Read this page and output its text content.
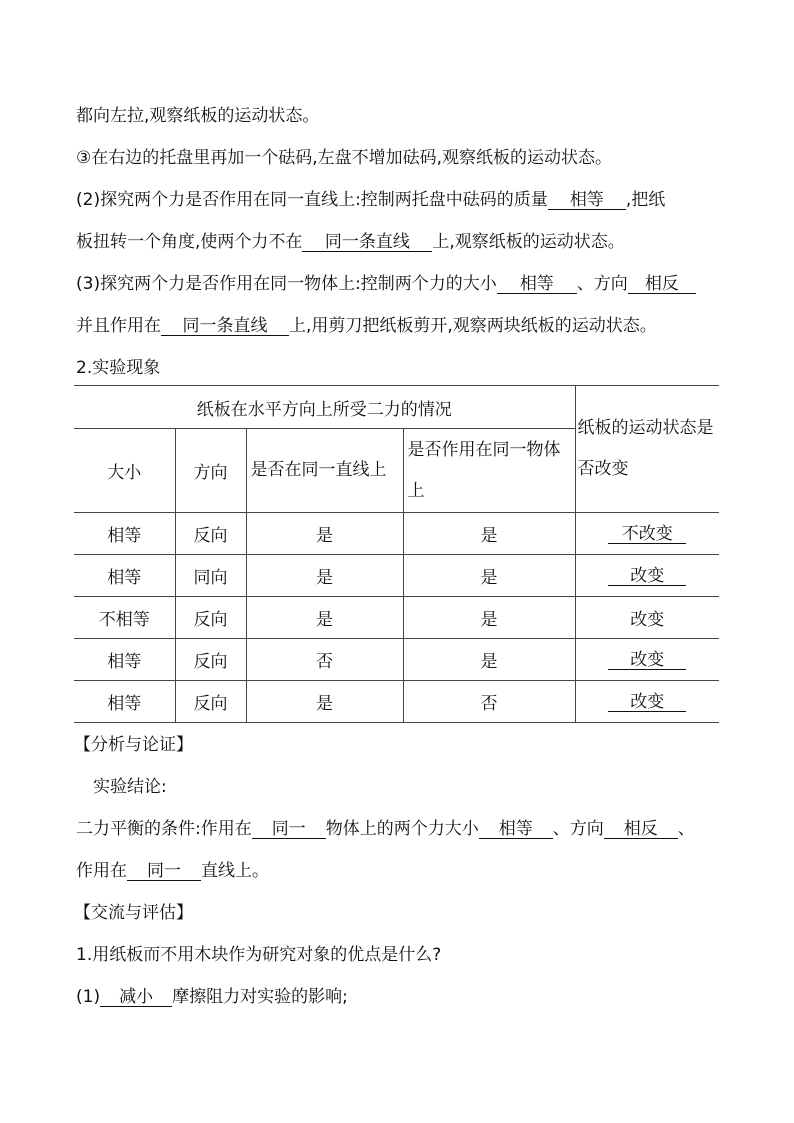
都向左拉,观察纸板的运动状态。
③在右边的托盘里再加一个砝码,左盘不增加砝码,观察纸板的运动状态。
(2)探究两个力是否作用在同一直线上:控制两托盘中砝码的质量 相等 ,把纸
板扭转一个角度,使两个力不在 同一条直线 上,观察纸板的运动状态。
(3)探究两个力是否作用在同一物体上:控制两个力的大小 相等 、方向 相反
并且作用在 同一条直线 上,用剪刀把纸板剪开,观察两块纸板的运动状态。
2.实验现象
纸板在水平方向上所受二力的情况				纸板的运动状态是否改变
大小	方向	是否在同一直线上	是否作用在同一物体上	
相等	反向	是	是	不改变
相等	同向	是	是	改变
不相等	反向	是	是	改变
相等	反向	否	是	改变
相等	反向	是	否	改变
【分析与论证】
实验结论:
二力平衡的条件:作用在 同一 物体上的两个力大小 相等 、方向 相反 、
作用在 同一 直线上。
【交流与评估】
1.用纸板而不用木块作为研究对象的优点是什么?
(1) 减小 摩擦阻力对实验的影响;
